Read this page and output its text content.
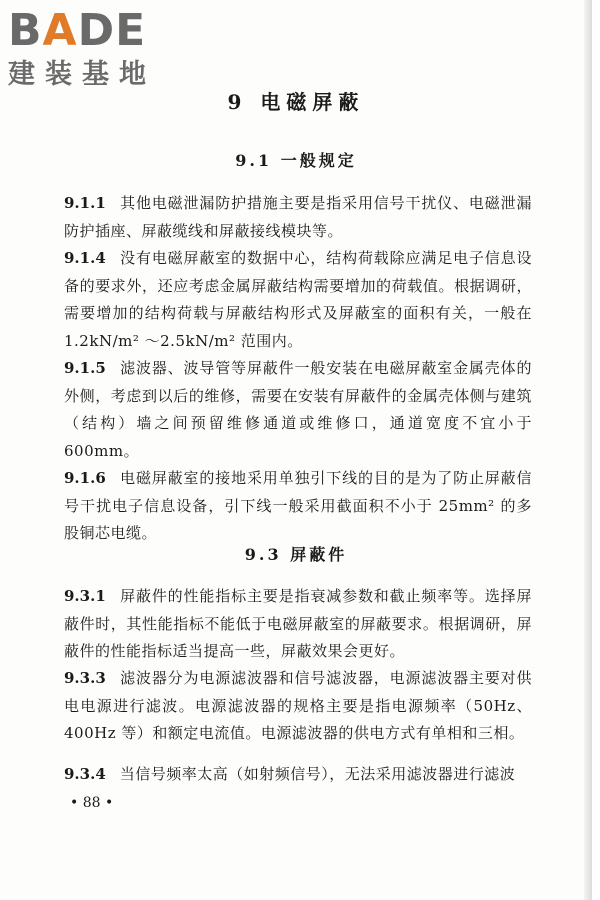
BADE
建装基地
9 电磁屏蔽
9.1 一般规定
9.1.1 其他电磁泄漏防护措施主要是指采用信号干扰仪、电磁泄漏防护插座、屏蔽缆线和屏蔽接线模块等。
9.1.4 没有电磁屏蔽室的数据中心，结构荷载除应满足电子信息设备的要求外，还应考虑金属屏蔽结构需要增加的荷载值。根据调研，需要增加的结构荷载与屏蔽结构形式及屏蔽室的面积有关，一般在 1.2kN/m² ～2.5kN/m² 范围内。
9.1.5 滤波器、波导管等屏蔽件一般安装在电磁屏蔽室金属壳体的外侧，考虑到以后的维修，需要在安装有屏蔽件的金属壳体侧与建筑（结构）墙之间预留维修通道或维修口，通道宽度不宜小于 600mm。
9.1.6 电磁屏蔽室的接地采用单独引下线的目的是为了防止屏蔽信号干扰电子信息设备，引下线一般采用截面积不小于 25mm² 的多股铜芯电缆。
9.3 屏蔽件
9.3.1 屏蔽件的性能指标主要是指衰减参数和截止频率等。选择屏蔽件时，其性能指标不能低于电磁屏蔽室的屏蔽要求。根据调研，屏蔽件的性能指标适当提高一些，屏蔽效果会更好。
9.3.3 滤波器分为电源滤波器和信号滤波器，电源滤波器主要对供电电源进行滤波。电源滤波器的规格主要是指电源频率（50Hz、400Hz 等）和额定电流值。电源滤波器的供电方式有单相和三相。
9.3.4 当信号频率太高（如射频信号），无法采用滤波器进行滤波
• 88 •
